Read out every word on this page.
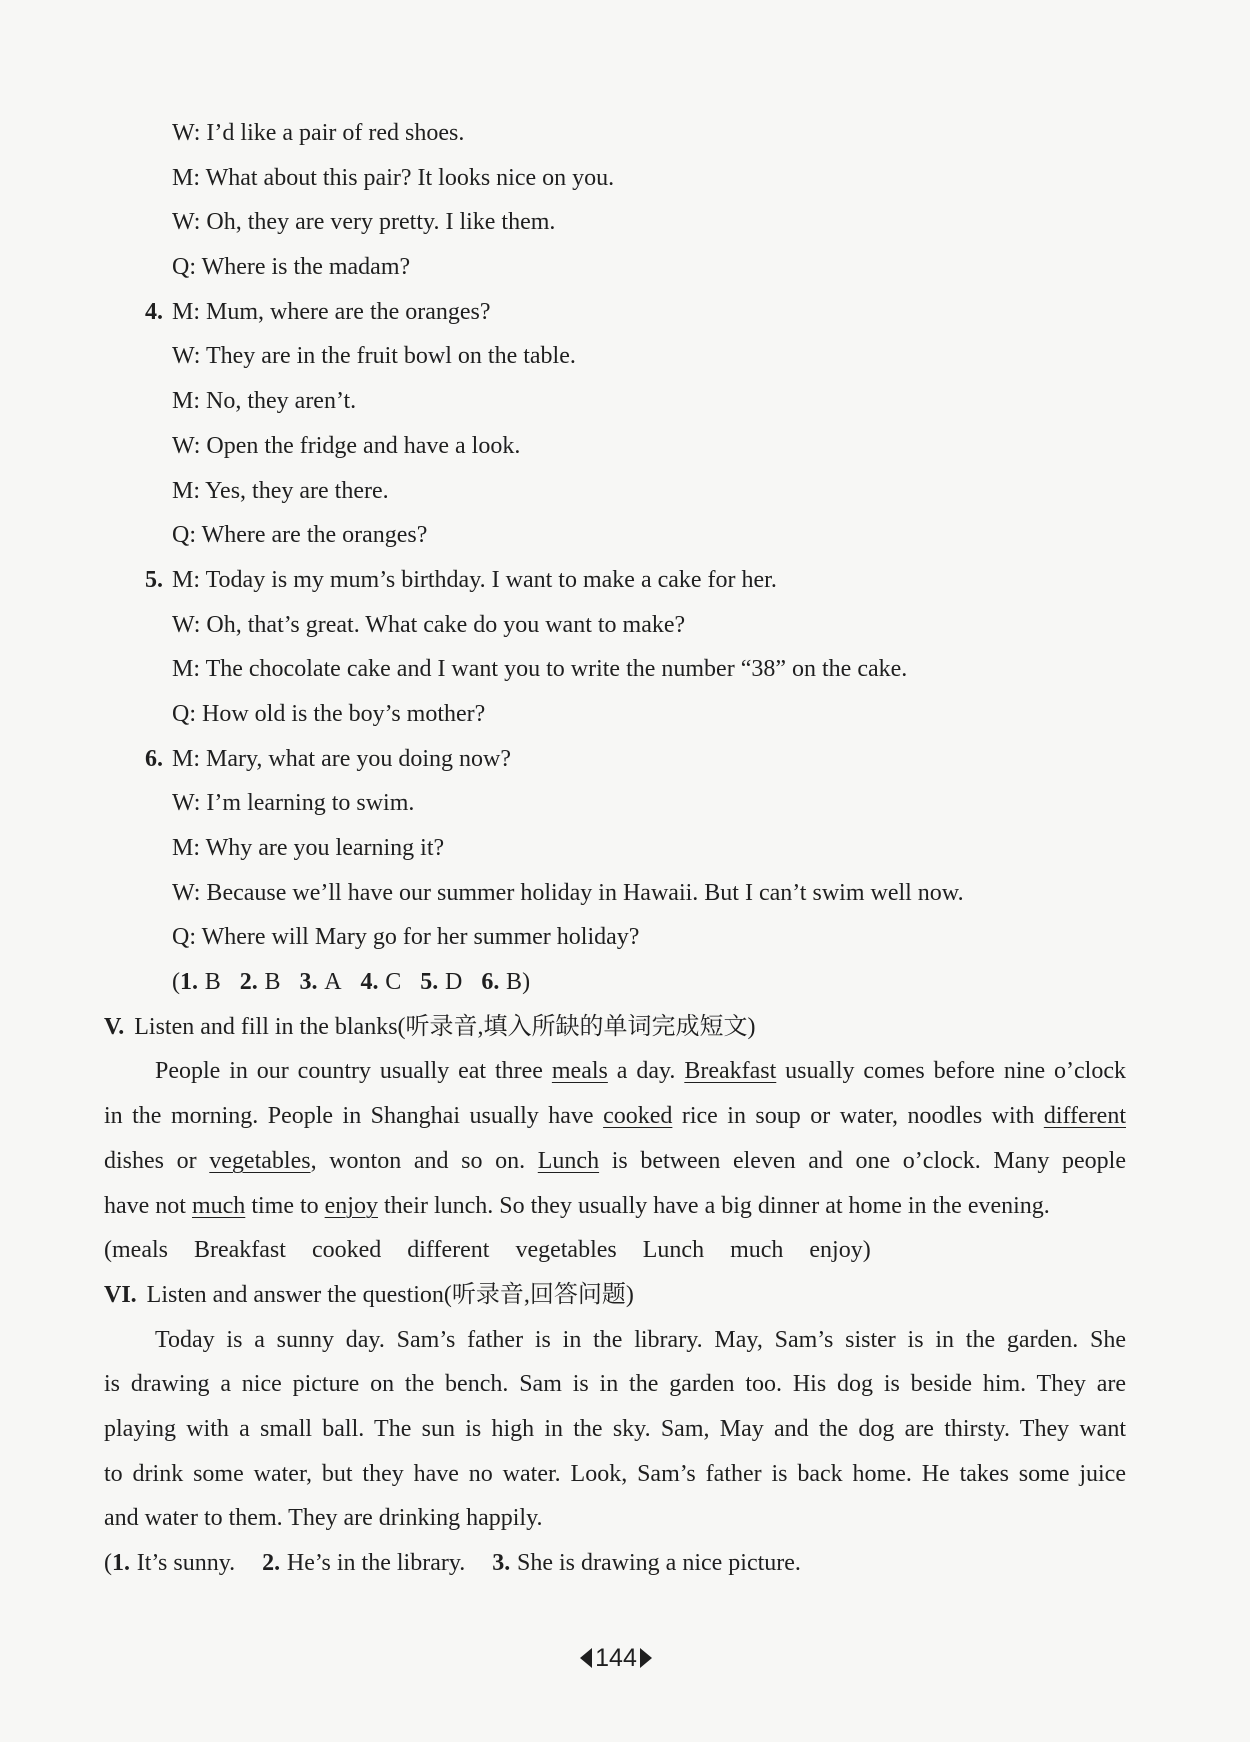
W: I’d like a pair of red shoes.
M: What about this pair? It looks nice on you.
W: Oh, they are very pretty. I like them.
Q: Where is the madam?
4. M: Mum, where are the oranges?
W: They are in the fruit bowl on the table.
M: No, they aren’t.
W: Open the fridge and have a look.
M: Yes, they are there.
Q: Where are the oranges?
5. M: Today is my mum’s birthday. I want to make a cake for her.
W: Oh, that’s great. What cake do you want to make?
M: The chocolate cake and I want you to write the number “38” on the cake.
Q: How old is the boy’s mother?
6. M: Mary, what are you doing now?
W: I’m learning to swim.
M: Why are you learning it?
W: Because we’ll have our summer holiday in Hawaii. But I can’t swim well now.
Q: Where will Mary go for her summer holiday?
(1. B 2. B 3. A 4. C 5. D 6. B)
V. Listen and fill in the blanks(听录音,填入所缺的单词完成短文)
People in our country usually eat three meals a day. Breakfast usually comes before nine o’clock
in the morning. People in Shanghai usually have cooked rice in soup or water, noodles with different
dishes or vegetables, wonton and so on. Lunch is between eleven and one o’clock. Many people
have not much time to enjoy their lunch. So they usually have a big dinner at home in the evening.
(meals Breakfast cooked different vegetables Lunch much enjoy)
VI. Listen and answer the question(听录音,回答问题)
Today is a sunny day. Sam’s father is in the library. May, Sam’s sister is in the garden. She
is drawing a nice picture on the bench. Sam is in the garden too. His dog is beside him. They are
playing with a small ball. The sun is high in the sky. Sam, May and the dog are thirsty. They want
to drink some water, but they have no water. Look, Sam’s father is back home. He takes some juice
and water to them. They are drinking happily.
(1. It’s sunny. 2. He’s in the library. 3. She is drawing a nice picture.
144
